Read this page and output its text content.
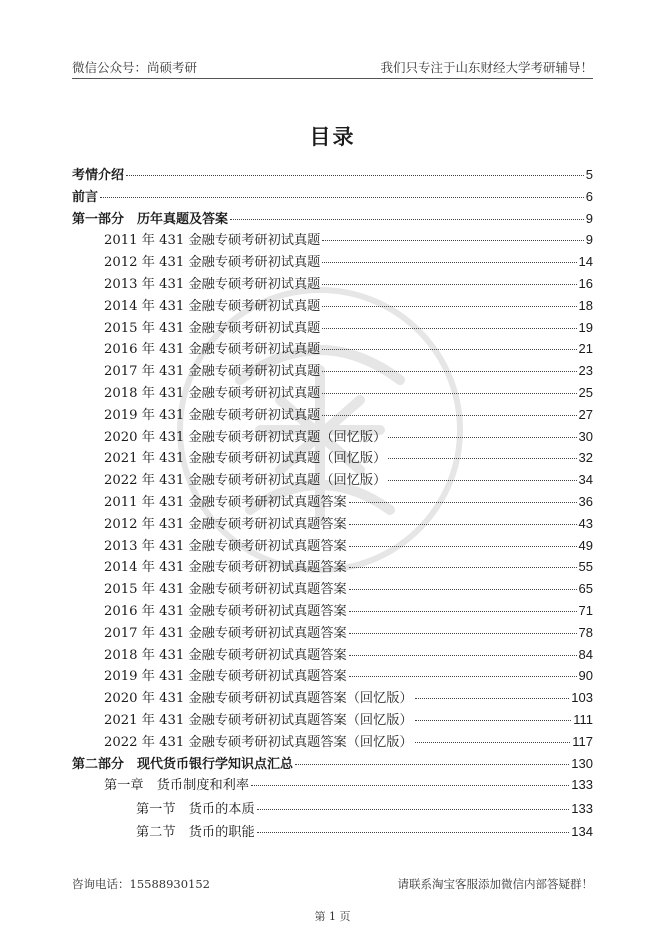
微信公众号：尚硕考研	我们只专注于山东财经大学考研辅导！
目录
考情介绍	5
前言	6
第一部分　历年真题及答案	9
2011 年 431 金融专硕考研初试真题	9
2012 年 431 金融专硕考研初试真题	14
2013 年 431 金融专硕考研初试真题	16
2014 年 431 金融专硕考研初试真题	18
2015 年 431 金融专硕考研初试真题	19
2016 年 431 金融专硕考研初试真题	21
2017 年 431 金融专硕考研初试真题	23
2018 年 431 金融专硕考研初试真题	25
2019 年 431 金融专硕考研初试真题	27
2020 年 431 金融专硕考研初试真题（回忆版）	30
2021 年 431 金融专硕考研初试真题（回忆版）	32
2022 年 431 金融专硕考研初试真题（回忆版）	34
2011 年 431 金融专硕考研初试真题答案	36
2012 年 431 金融专硕考研初试真题答案	43
2013 年 431 金融专硕考研初试真题答案	49
2014 年 431 金融专硕考研初试真题答案	55
2015 年 431 金融专硕考研初试真题答案	65
2016 年 431 金融专硕考研初试真题答案	71
2017 年 431 金融专硕考研初试真题答案	78
2018 年 431 金融专硕考研初试真题答案	84
2019 年 431 金融专硕考研初试真题答案	90
2020 年 431 金融专硕考研初试真题答案（回忆版）	103
2021 年 431 金融专硕考研初试真题答案（回忆版）	111
2022 年 431 金融专硕考研初试真题答案（回忆版）	117
第二部分　现代货币银行学知识点汇总	130
第一章　货币制度和利率	133
第一节　货币的本质	133
第二节　货币的职能	134
咨询电话：15588930152	请联系淘宝客服添加微信内部答疑群！
第 1 页
